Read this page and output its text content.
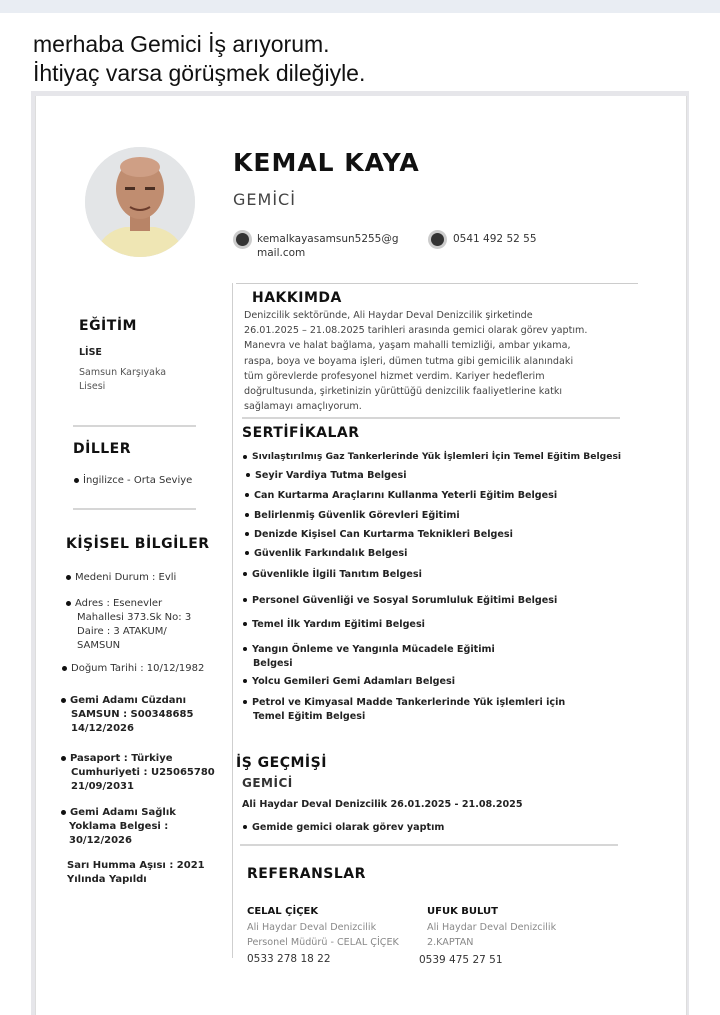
merhaba Gemici İş arıyorum.
İhtiyaç varsa görüşmek dileğiyle.
KEMAL KAYA
GEMİCİ
kemalkayasamsun5255@g
mail.com
0541 492 52 55
EĞİTİM
LİSE
Samsun Karşıyaka
Lisesi
DİLLER
İngilizce - Orta Seviye
KİŞİSEL BİLGİLER
Medeni Durum : Evli
Adres : Esenevler
Mahallesi 373.Sk No: 3
Daire : 3 ATAKUM/
SAMSUN
Doğum Tarihi : 10/12/1982
Gemi Adamı Cüzdanı
SAMSUN : S00348685
14/12/2026
Pasaport : Türkiye
Cumhuriyeti : U25065780
21/09/2031
Gemi Adamı Sağlık
Yoklama Belgesi :
30/12/2026
Sarı Humma Aşısı : 2021
Yılında Yapıldı
HAKKIMDA
Denizcilik sektöründe, Ali Haydar Deval Denizcilik şirketinde
26.01.2025 – 21.08.2025 tarihleri arasında gemici olarak görev yaptım.
Manevra ve halat bağlama, yaşam mahalli temizliği, ambar yıkama,
raspa, boya ve boyama işleri, dümen tutma gibi gemicilik alanındaki
tüm görevlerde profesyonel hizmet verdim. Kariyer hedeflerim
doğrultusunda, şirketinizin yürüttüğü denizcilik faaliyetlerine katkı
sağlamayı amaçlıyorum.
SERTİFİKALAR
Sıvılaştırılmış Gaz Tankerlerinde Yük İşlemleri İçin Temel Eğitim Belgesi
Seyir Vardiya Tutma Belgesi
Can Kurtarma Araçlarını Kullanma Yeterli Eğitim Belgesi
Belirlenmiş Güvenlik Görevleri Eğitimi
Denizde Kişisel Can Kurtarma Teknikleri Belgesi
Güvenlik Farkındalık Belgesi
Güvenlikle İlgili Tanıtım Belgesi
Personel Güvenliği ve Sosyal Sorumluluk Eğitimi Belgesi
Temel İlk Yardım Eğitimi Belgesi
Yangın Önleme ve Yangınla Mücadele Eğitimi
Belgesi
Yolcu Gemileri Gemi Adamları Belgesi
Petrol ve Kimyasal Madde Tankerlerinde Yük işlemleri için
Temel Eğitim Belgesi
İŞ GEÇMİŞİ
GEMİCİ
Ali Haydar Deval Denizcilik 26.01.2025 - 21.08.2025
Gemide gemici olarak görev yaptım
REFERANSLAR
CELAL ÇİÇEK
Ali Haydar Deval Denizcilik
Personel Müdürü - CELAL ÇİÇEK
0533 278 18 22
UFUK BULUT
Ali Haydar Deval Denizcilik
2.KAPTAN
0539 475 27 51
